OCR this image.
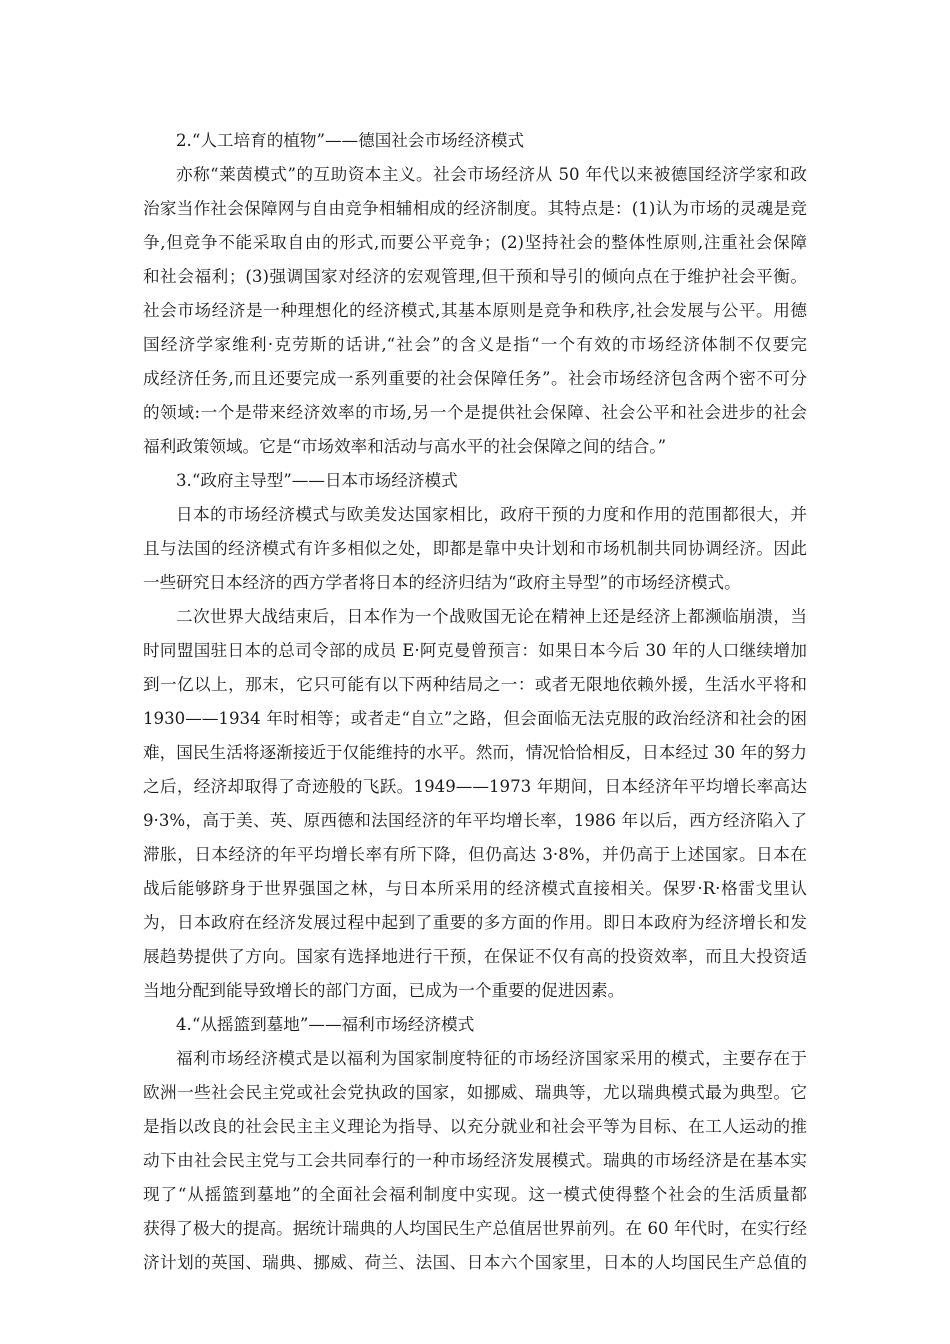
2.“人工培育的植物”——德国社会市场经济模式
亦称“莱茵模式”的互助资本主义。社会市场经济从 50 年代以来被德国经济学家和政
治家当作社会保障网与自由竞争相辅相成的经济制度。其特点是：(1)认为市场的灵魂是竞
争,但竞争不能采取自由的形式,而要公平竞争；(2)坚持社会的整体性原则,注重社会保障
和社会福利；(3)强调国家对经济的宏观管理,但干预和导引的倾向点在于维护社会平衡。
社会市场经济是一种理想化的经济模式,其基本原则是竞争和秩序,社会发展与公平。用德
国经济学家维利·克劳斯的话讲,“社会”的含义是指“一个有效的市场经济体制不仅要完
成经济任务,而且还要完成一系列重要的社会保障任务”。社会市场经济包含两个密不可分
的领域:一个是带来经济效率的市场,另一个是提供社会保障、社会公平和社会进步的社会
福利政策领域。它是“市场效率和活动与高水平的社会保障之间的结合。”
3.“政府主导型”——日本市场经济模式
日本的市场经济模式与欧美发达国家相比，政府干预的力度和作用的范围都很大，并
且与法国的经济模式有许多相似之处，即都是靠中央计划和市场机制共同协调经济。因此
一些研究日本经济的西方学者将日本的经济归结为“政府主导型”的市场经济模式。
二次世界大战结束后，日本作为一个战败国无论在精神上还是经济上都濒临崩溃，当
时同盟国驻日本的总司令部的成员 E·阿克曼曾预言：如果日本今后 30 年的人口继续增加
到一亿以上，那末，它只可能有以下两种结局之一：或者无限地依赖外援，生活水平将和
1930——1934 年时相等；或者走“自立”之路，但会面临无法克服的政治经济和社会的困
难，国民生活将逐渐接近于仅能维持的水平。然而，情况恰恰相反，日本经过 30 年的努力
之后，经济却取得了奇迹般的飞跃。1949——1973 年期间，日本经济年平均增长率高达
9·3%，高于美、英、原西德和法国经济的年平均增长率，1986 年以后，西方经济陷入了
滞胀，日本经济的年平均增长率有所下降，但仍高达 3·8%，并仍高于上述国家。日本在
战后能够跻身于世界强国之林，与日本所采用的经济模式直接相关。保罗·R·格雷戈里认
为，日本政府在经济发展过程中起到了重要的多方面的作用。即日本政府为经济增长和发
展趋势提供了方向。国家有选择地进行干预，在保证不仅有高的投资效率，而且大投资适
当地分配到能导致增长的部门方面，已成为一个重要的促进因素。
4.“从摇篮到墓地”——福利市场经济模式
福利市场经济模式是以福利为国家制度特征的市场经济国家采用的模式，主要存在于
欧洲一些社会民主党或社会党执政的国家，如挪威、瑞典等，尤以瑞典模式最为典型。它
是指以改良的社会民主主义理论为指导、以充分就业和社会平等为目标、在工人运动的推
动下由社会民主党与工会共同奉行的一种市场经济发展模式。瑞典的市场经济是在基本实
现了“从摇篮到墓地”的全面社会福利制度中实现。这一模式使得整个社会的生活质量都
获得了极大的提高。据统计瑞典的人均国民生产总值居世界前列。在 60 年代时，在实行经
济计划的英国、瑞典、挪威、荷兰、法国、日本六个国家里，日本的人均国民生产总值的
